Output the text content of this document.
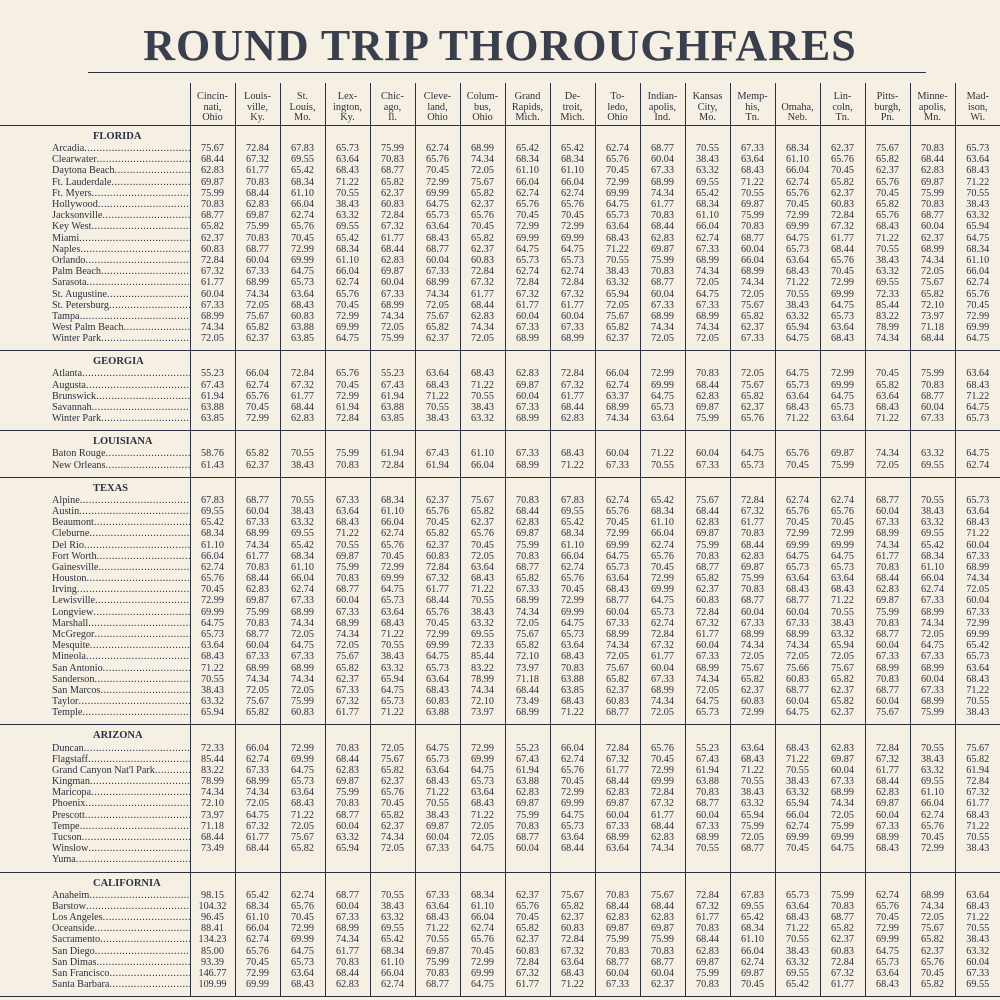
ROUND TRIP THOROUGHFARES
	Cincin-
nati,
Ohio	Louis-
ville,
Ky.	St.
Louis,
Mo.	Lex-
ington,
Ky.	Chic-
ago,
Il.	Cleve-
land,
Ohio	Colum-
bus,
Ohio	Grand
Rapids,
Mich.	De-
troit,
Mich.	To-
ledo,
Ohio	Indian-
apolis,
Ind.	Kansas
City,
Mo.	Memp-
his,
Tn.	Omaha,
Neb.	Lin-
coln,
Tn.	Pitts-
burgh,
Pn.	Minne-
apolis,
Mn.	Mad-
ison,
Wi.
FLORIDA																		
Arcadia .....	75.67	72.84	67.83	65.73	75.99	62.74	68.99	65.42	65.42	62.74	68.77	70.55	67.33	68.34	62.37	75.67	70.83	65.73
Clearwater .....	68.44	67.32	69.55	63.64	70.83	65.76	74.34	68.34	68.34	65.76	60.04	38.43	63.64	61.10	65.76	65.82	68.44	63.64
Daytona Beach .....	62.83	61.77	65.42	68.43	68.77	70.45	72.05	61.10	61.10	70.45	67.33	63.32	68.43	66.04	70.45	62.37	62.83	68.43
Ft. Lauderdale .....	69.87	70.83	68.34	71.22	65.82	72.99	75.67	66.04	66.04	72.99	68.99	69.55	71.22	62.74	65.82	65.76	69.87	71.22
Ft. Myers .....	75.99	68.44	61.10	70.55	62.37	69.99	65.82	62.74	62.74	69.99	74.34	65.42	70.55	65.76	62.37	70.45	75.99	70.55
Hollywood .....	70.83	62.83	66.04	38.43	60.83	64.75	62.37	65.76	65.76	64.75	61.77	68.34	69.87	70.45	60.83	65.82	70.83	38.43
Jacksonville .....	68.77	69.87	62.74	63.32	72.84	65.73	65.76	70.45	70.45	65.73	70.83	61.10	75.99	72.99	72.84	65.76	68.77	63.32
Key West .....	65.82	75.99	65.76	69.55	67.32	63.64	70.45	72.99	72.99	63.64	68.44	66.04	70.83	69.99	67.32	68.43	60.04	65.94
Miami .....	62.37	70.83	70.45	65.42	61.77	68.43	65.82	69.99	69.99	68.43	62.83	62.74	68.77	64.75	61.77	71.22	62.37	64.75
Naples .....	60.83	68.77	72.99	68.34	68.44	68.77	62.37	64.75	64.75	71.22	69.87	67.33	60.04	65.73	68.44	70.55	68.99	68.34
Orlando .....	72.84	60.04	69.99	61.10	62.83	60.04	60.83	65.73	65.73	70.55	75.99	68.99	66.04	63.64	65.76	38.43	74.34	61.10
Palm Beach .....	67.32	67.33	64.75	66.04	69.87	67.33	72.84	62.74	62.74	38.43	70.83	74.34	68.99	68.43	70.45	63.32	72.05	66.04
Sarasota .....	61.77	68.99	65.73	62.74	60.04	68.99	67.32	72.84	72.84	63.32	68.77	72.05	74.34	71.22	72.99	69.55	75.67	62.74
St. Augustine .....	60.04	74.34	63.64	65.76	67.33	74.34	61.77	67.32	67.32	65.94	60.04	64.75	72.05	70.55	69.99	72.33	65.82	65.76
St. Petersburg .....	67.33	72.05	68.43	70.45	68.99	72.05	68.44	61.77	61.77	72.05	67.33	67.33	75.67	38.43	64.75	85.44	72.10	70.45
Tampa .....	68.99	75.67	60.83	72.99	74.34	75.67	62.83	60.04	60.04	75.67	68.99	68.99	65.82	63.32	65.73	83.22	73.97	72.99
West Palm Beach .....	74.34	65.82	63.88	69.99	72.05	65.82	74.34	67.33	67.33	65.82	74.34	74.34	62.37	65.94	63.64	78.99	71.18	69.99
Winter Park .....	72.05	62.37	63.85	64.75	75.99	62.37	72.05	68.99	68.99	62.37	72.05	72.05	67.33	64.75	68.43	74.34	68.44	64.75

GEORGIA																		
Atlanta .....	55.23	66.04	72.84	65.76	55.23	63.64	68.43	62.83	72.84	66.04	72.99	70.83	72.05	64.75	72.99	70.45	75.99	63.64
Augusta .....	67.43	62.74	67.32	70.45	67.43	68.43	71.22	69.87	67.32	62.74	69.99	68.44	75.67	65.73	69.99	65.82	70.83	68.43
Brunswick .....	61.94	65.76	61.77	72.99	61.94	71.22	70.55	60.04	61.77	63.37	64.75	62.83	65.82	63.64	64.75	63.64	68.77	71.22
Savannah .....	63.88	70.45	68.44	61.94	63.88	70.55	38.43	67.33	68.44	68.99	65.73	69.87	62.37	68.43	65.73	68.43	60.04	64.75
Winter Park .....	63.85	72.99	62.83	72.84	63.85	38.43	63.32	68.99	62.83	74.34	63.64	75.99	65.76	71.22	63.64	71.22	67.33	65.73

LOUISIANA																		
Baton Rouge .....	58.76	65.82	70.55	75.99	61.94	67.43	61.10	67.33	68.43	60.04	71.22	60.04	64.75	65.76	69.87	74.34	63.32	64.75
New Orleans .....	61.43	62.37	38.43	70.83	72.84	61.94	66.04	68.99	71.22	67.33	70.55	67.33	65.73	70.45	75.99	72.05	69.55	62.74

TEXAS																		
Alpine .....	67.83	68.77	70.55	67.33	68.34	62.37	75.67	70.83	67.83	62.74	65.42	75.67	72.84	62.74	62.74	68.77	70.55	65.73
Austin .....	69.55	60.04	38.43	63.64	61.10	65.76	65.82	68.44	69.55	65.76	68.34	68.44	67.32	65.76	65.76	60.04	38.43	63.64
Beaumont .....	65.42	67.33	63.32	68.43	66.04	70.45	62.37	62.83	65.42	70.45	61.10	62.83	61.77	70.45	70.45	67.33	63.32	68.43
Cleburne .....	68.34	68.99	69.55	71.22	62.74	65.82	65.76	69.87	68.34	72.99	66.04	69.87	70.83	72.99	72.99	68.99	69.55	71.22
Del Rio .....	61.10	74.34	65.42	70.55	65.76	62.37	70.45	75.99	61.10	69.99	62.74	75.99	68.44	69.99	69.99	74.34	65.42	60.04
Fort Worth .....	66.04	61.77	68.34	69.87	70.45	60.83	72.05	70.83	66.04	64.75	65.76	70.83	62.83	64.75	64.75	61.77	68.34	67.33
Gainesville .....	62.74	70.83	61.10	75.99	72.99	72.84	63.64	68.77	62.74	65.73	70.45	68.77	69.87	65.73	65.73	70.83	61.10	68.99
Houston .....	65.76	68.44	66.04	70.83	69.99	67.32	68.43	65.82	65.76	63.64	72.99	65.82	75.99	63.64	63.64	68.44	66.04	74.34
Irving .....	70.45	62.83	62.74	68.77	64.75	61.77	71.22	67.33	70.45	68.43	69.99	62.37	70.83	68.43	68.43	62.83	62.74	72.05
Lewisville .....	72.99	69.87	67.33	60.04	65.73	68.44	70.55	68.99	72.99	68.77	64.75	60.83	68.77	68.77	71.22	69.87	67.33	60.04
Longview .....	69.99	75.99	68.99	67.33	63.64	65.76	38.43	74.34	69.99	60.04	65.73	72.84	60.04	60.04	70.55	75.99	68.99	67.33
Marshall .....	64.75	70.83	74.34	68.99	68.43	70.45	63.32	72.05	64.75	67.33	62.74	67.32	67.33	67.33	38.43	70.83	74.34	72.99
McGregor .....	65.73	68.77	72.05	74.34	71.22	72.99	69.55	75.67	65.73	68.99	72.84	61.77	68.99	68.99	63.32	68.77	72.05	69.99
Mesquite .....	63.64	60.04	64.75	72.05	70.55	69.99	72.33	65.82	63.64	74.34	67.32	60.04	74.34	74.34	65.94	60.04	64.75	65.42
Mineola .....	68.43	67.33	67.33	75.67	38.43	64.75	85.44	72.10	68.43	72.05	61.77	67.33	72.05	72.05	72.05	67.33	67.33	65.73
San Antonio .....	71.22	68.99	68.99	65.82	63.32	65.73	83.22	73.97	70.83	75.67	60.04	68.99	75.67	75.66	75.67	68.99	68.99	63.64
Sanderson .....	70.55	74.34	74.34	62.37	65.94	63.64	78.99	71.18	63.88	65.82	67.33	74.34	65.82	60.83	65.82	70.83	60.04	68.43
San Marcos .....	38.43	72.05	72.05	67.33	64.75	68.43	74.34	68.44	63.85	62.37	68.99	72.05	62.37	68.77	62.37	68.77	67.33	71.22
Taylor .....	63.32	75.67	75.99	67.32	65.73	60.83	72.10	73.49	68.43	60.83	74.34	64.75	60.83	60.04	65.82	60.04	68.99	70.55
Temple .....	65.94	65.82	60.83	61.77	71.22	63.88	73.97	68.99	71.22	68.77	72.05	65.73	72.99	64.75	62.37	75.67	75.99	38.43

ARIZONA																		
Duncan .....	72.33	66.04	72.99	70.83	72.05	64.75	72.99	55.23	66.04	72.84	65.76	55.23	63.64	68.43	62.83	72.84	70.55	75.67
Flagstaff .....	85.44	62.74	69.99	68.44	75.67	65.73	69.99	67.43	62.74	67.32	70.45	67.43	68.43	71.22	69.87	67.32	38.43	65.82
Grand Canyon Nat'l Park .....	83.22	67.33	64.75	62.83	65.82	63.64	64.75	61.94	65.76	61.77	72.99	61.94	71.22	70.55	60.04	61.77	63.32	61.94
Kingman .....	78.99	68.99	65.73	69.87	62.37	68.43	65.73	63.88	70.45	68.44	69.99	63.88	70.55	38.43	67.33	68.44	69.55	72.84
Maricopa .....	74.34	74.34	63.64	75.99	65.76	71.22	63.64	62.83	72.99	62.83	72.84	70.83	38.43	63.32	68.99	62.83	61.10	67.32
Phoenix .....	72.10	72.05	68.43	70.83	70.45	70.55	68.43	69.87	69.99	69.87	67.32	68.77	63.32	65.94	74.34	69.87	66.04	61.77
Prescott .....	73.97	64.75	71.22	68.77	65.82	38.43	71.22	75.99	64.75	60.04	61.77	60.04	65.94	66.04	72.05	60.04	62.74	68.43
Tempe .....	71.18	67.32	72.05	60.04	62.37	69.87	72.05	70.83	65.73	67.33	68.44	67.33	75.99	62.74	75.99	67.33	65.76	71.22
Tucson .....	68.44	61.77	75.67	63.32	74.34	60.04	72.05	68.77	63.64	68.99	62.83	68.99	72.05	69.99	69.99	68.99	70.45	70.55
Winslow .....	73.49	68.44	65.82	65.94	72.05	67.33	64.75	60.04	68.44	63.64	74.34	70.55	68.77	70.45	64.75	68.43	72.99	38.43
Yuma .....																		

CALIFORNIA																		
Anaheim .....	98.15	65.42	62.74	68.77	70.55	67.33	68.34	62.37	75.67	70.83	75.67	72.84	67.83	65.73	75.99	62.74	68.99	63.64
Barstow .....	104.32	68.34	65.76	60.04	38.43	63.64	61.10	65.76	65.82	68.44	68.44	67.32	69.55	63.64	70.83	65.76	74.34	68.43
Los Angeles .....	96.45	61.10	70.45	67.33	63.32	68.43	66.04	70.45	62.37	62.83	62.83	61.77	65.42	68.43	68.77	70.45	72.05	71.22
Oceanside .....	88.41	66.04	72.99	68.99	69.55	71.22	62.74	65.82	60.83	69.87	69.87	70.83	68.34	71.22	65.82	72.99	75.67	70.55
Sacramento .....	134.23	62.74	69.99	74.34	65.42	70.55	65.76	62.37	72.84	75.99	75.99	68.44	61.10	70.55	62.37	69.99	65.82	38.43
San Diego .....	85.00	65.76	64.75	61.77	68.34	69.87	70.45	60.83	67.32	70.83	70.83	62.83	66.04	38.43	60.83	64.75	62.37	63.32
San Dimas .....	93.39	70.45	65.73	70.83	61.10	75.99	72.99	72.84	63.64	68.77	68.77	69.87	62.74	63.32	72.84	65.73	65.76	60.04
San Francisco .....	146.77	72.99	63.64	68.44	66.04	70.83	69.99	67.32	68.43	60.04	60.04	75.99	69.87	69.55	67.32	63.64	70.45	67.33
Santa Barbara .....	109.99	69.99	68.43	62.83	62.74	68.77	64.75	61.77	71.22	67.33	62.37	70.83	70.45	65.42	61.77	68.43	65.82	69.55
